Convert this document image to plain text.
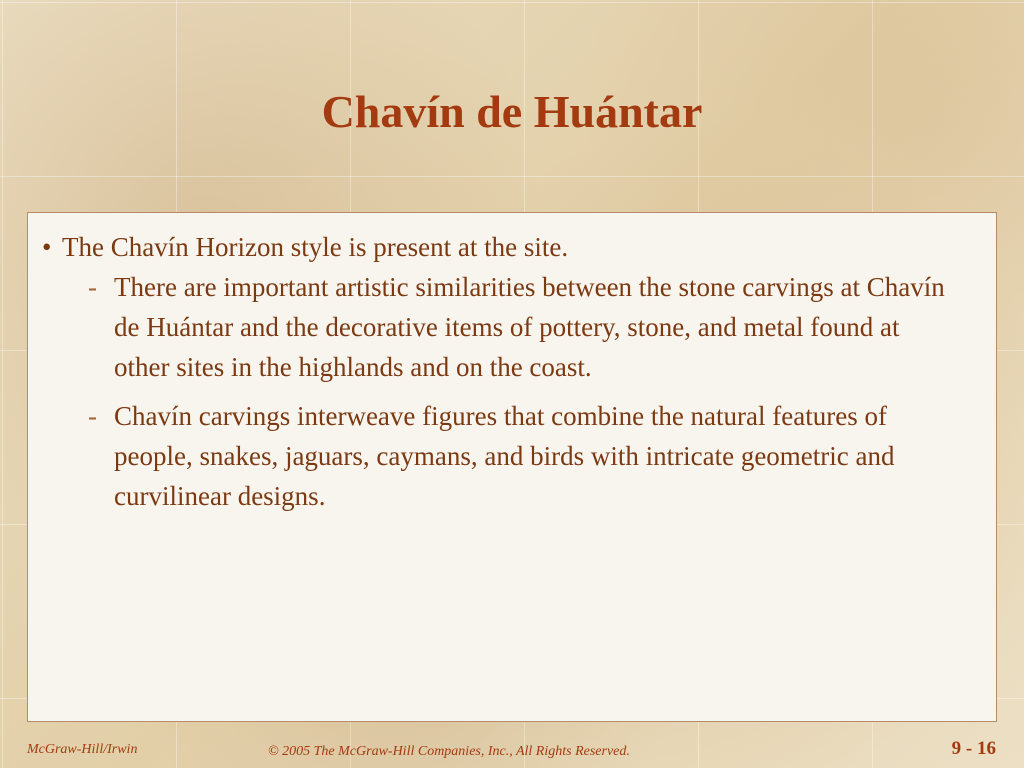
Chavín de Huántar
• The Chavín Horizon style is present at the site.
- There are important artistic similarities between the stone carvings at Chavín de Huántar and the decorative items of pottery, stone, and metal found at other sites in the highlands and on the coast.
- Chavín carvings interweave figures that combine the natural features of people, snakes, jaguars, caymans, and birds with intricate geometric and curvilinear designs.
McGraw-Hill/Irwin	© 2005 The McGraw-Hill Companies, Inc., All Rights Reserved.	9 - 16
